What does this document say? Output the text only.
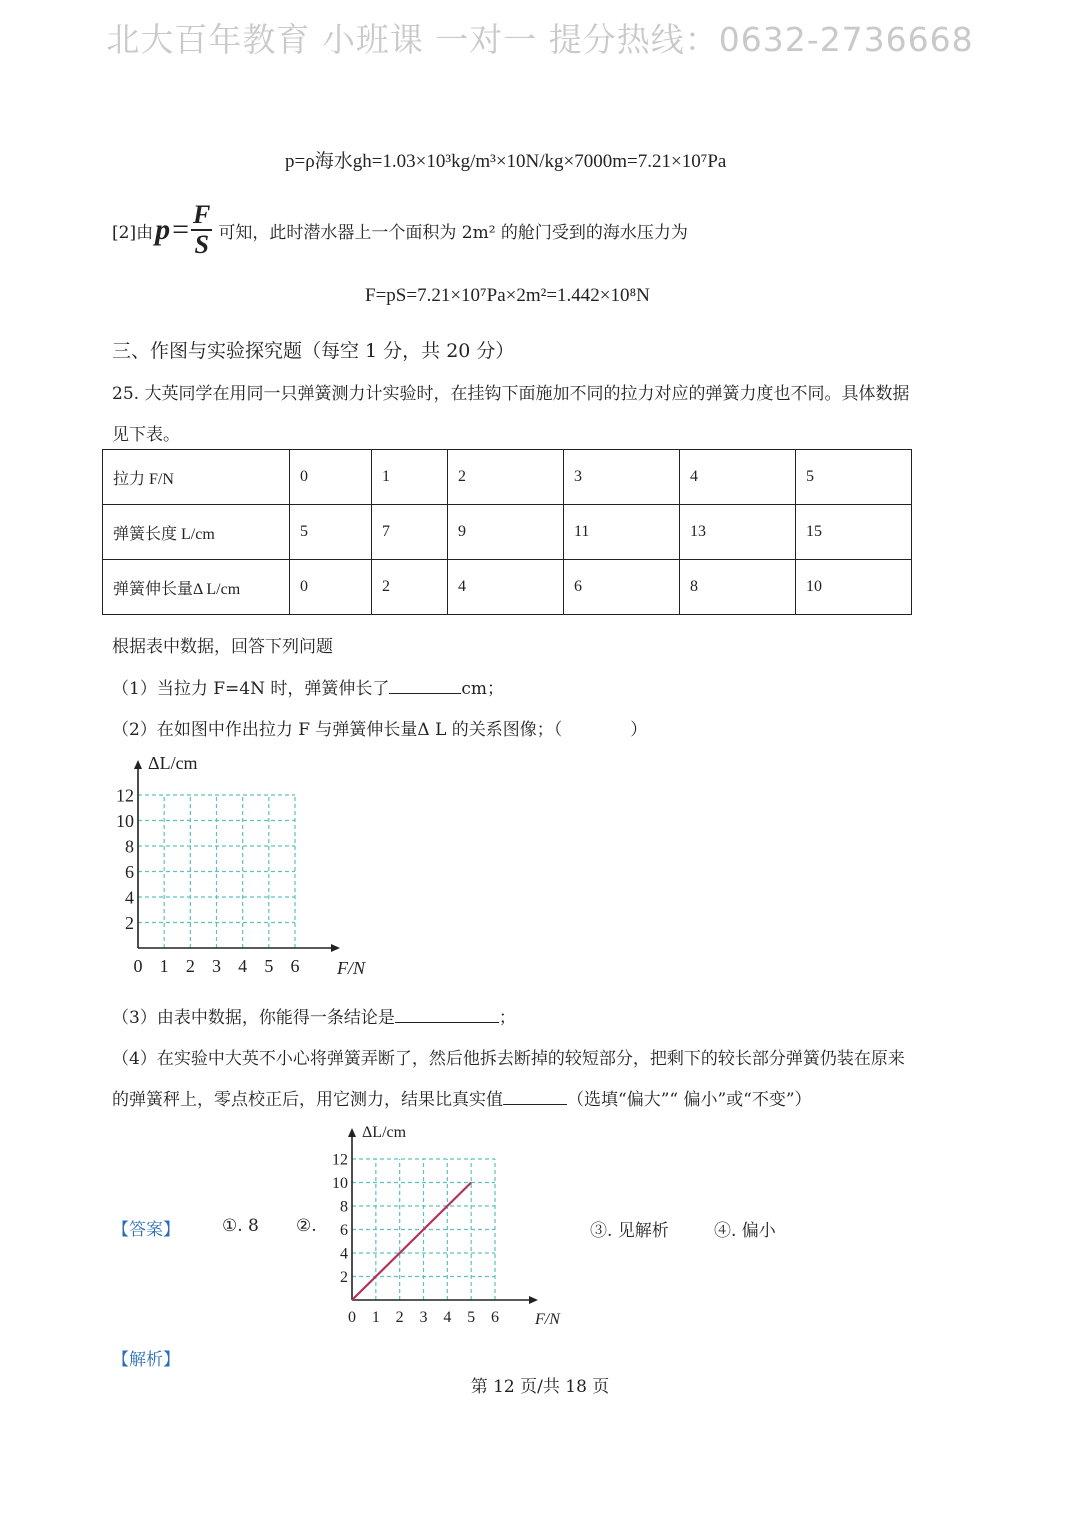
北大百年教育 小班课 一对一 提分热线：0632-2736668
p=ρ海水gh=1.03×10³kg/m³×10N/kg×7000m=7.21×10⁷Pa
[2]由 $p = \frac{F}{S}$ 可知，此时潜水器上一个面积为 2m² 的舱门受到的海水压力为
F=pS=7.21×10⁷Pa×2m²=1.442×10⁸N
三、作图与实验探究题（每空 1 分，共 20 分）
25. 大英同学在用同一只弹簧测力计实验时，在挂钩下面施加不同的拉力对应的弹簧力度也不同。具体数据
见下表。
拉力 F/N	0	1	2	3	4	5
弹簧长度 L/cm	5	7	9	11	13	15
弹簧伸长量Δ L/cm	0	2	4	6	8	10
根据表中数据，回答下列问题
（1）当拉力 F=4N 时，弹簧伸长了	cm；
（2）在如图中作出拉力 F 与弹簧伸长量Δ L 的关系图像；（　　　　）
0 1 2 3 4 5 6
2
4
6
8
10
12
ΔL/cm
F/N
（3）由表中数据，你能得一条结论是	；
（4）在实验中大英不小心将弹簧弄断了，然后他拆去断掉的较短部分，把剩下的较长部分弹簧仍装在原来
的弹簧秤上，零点校正后，用它测力，结果比真实值	（选填“偏大”“ 偏小”或“不变”）
【答案】 ①. 8 ②.
0 1 2 3 4 5 6
2
4
6
8
10
12
ΔL/cm
F/N
③. 见解析	④. 偏小
【解析】
第 12 页/共 18 页
